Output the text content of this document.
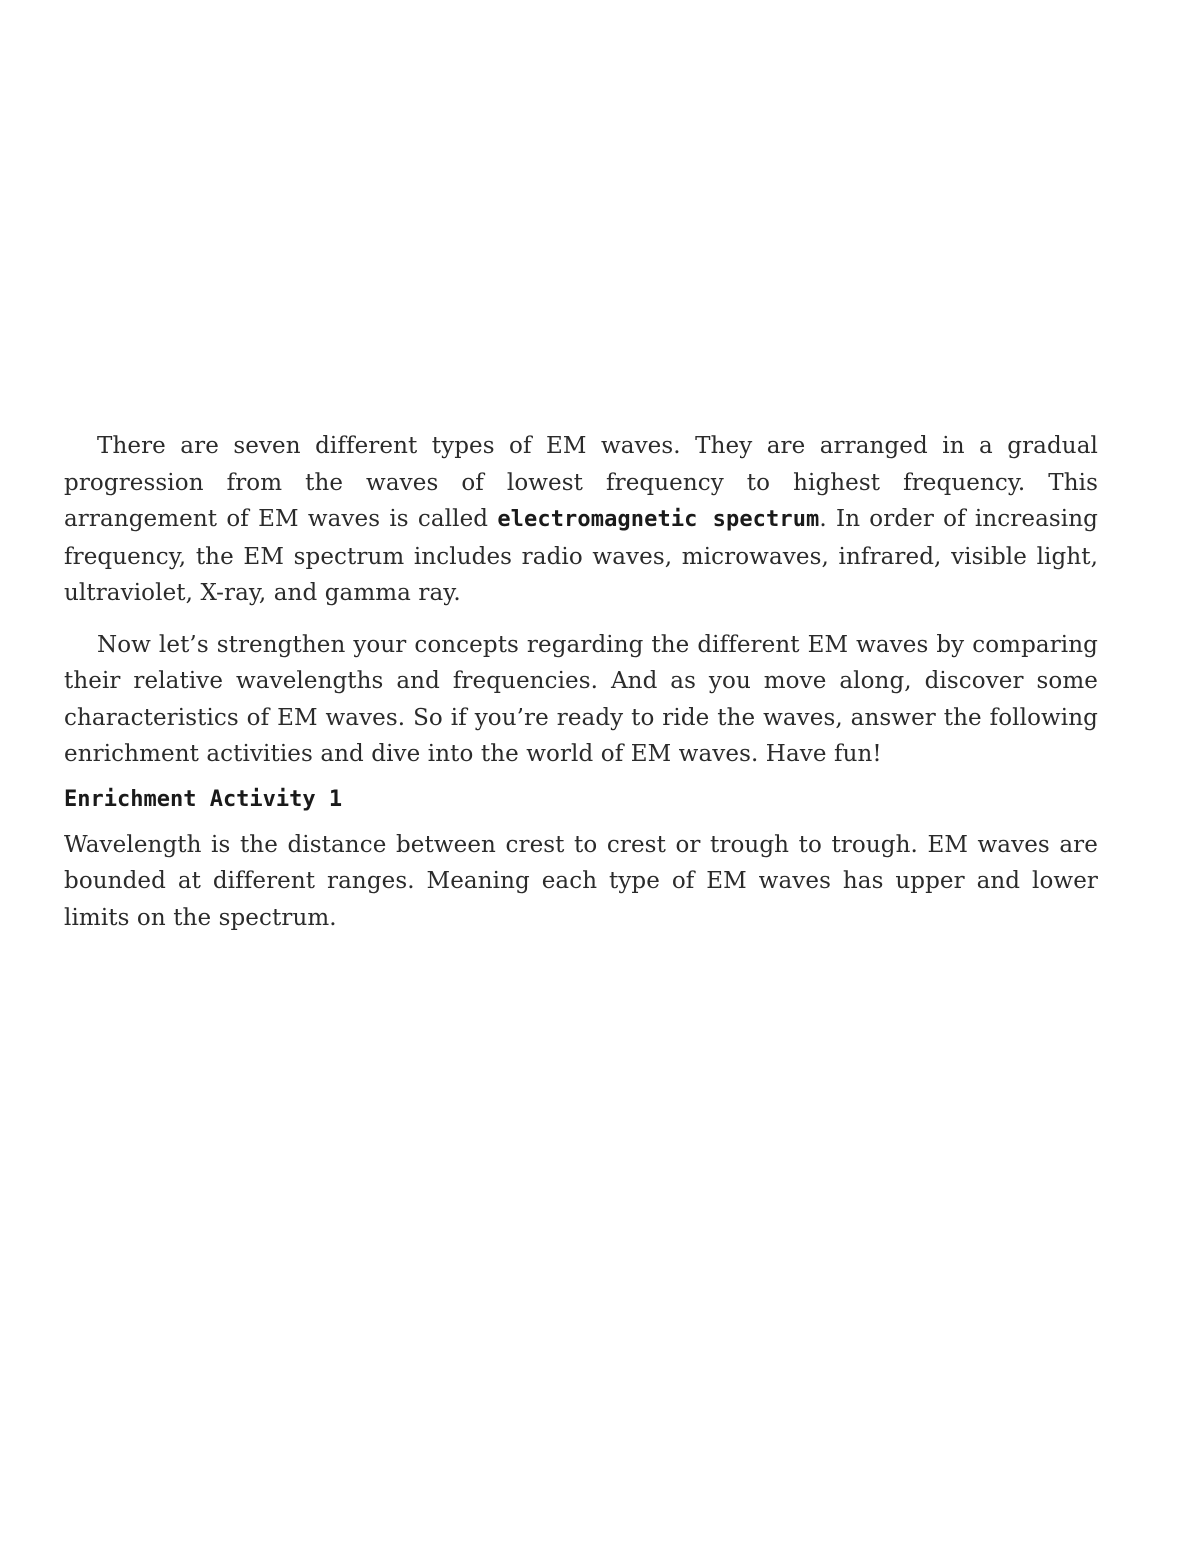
There are seven different types of EM waves. They are arranged in a gradual progression from the waves of lowest frequency to highest frequency. This arrangement of EM waves is called electromagnetic spectrum. In order of increasing frequency, the EM spectrum includes radio waves, microwaves, infrared, visible light, ultraviolet, X-ray, and gamma ray.

Now let’s strengthen your concepts regarding the different EM waves by comparing their relative wavelengths and frequencies. And as you move along, discover some characteristics of EM waves. So if you’re ready to ride the waves, answer the following enrichment activities and dive into the world of EM waves. Have fun!

Enrichment Activity 1

Wavelength is the distance between crest to crest or trough to trough. EM waves are bounded at different ranges. Meaning each type of EM waves has upper and lower limits on the spectrum.
